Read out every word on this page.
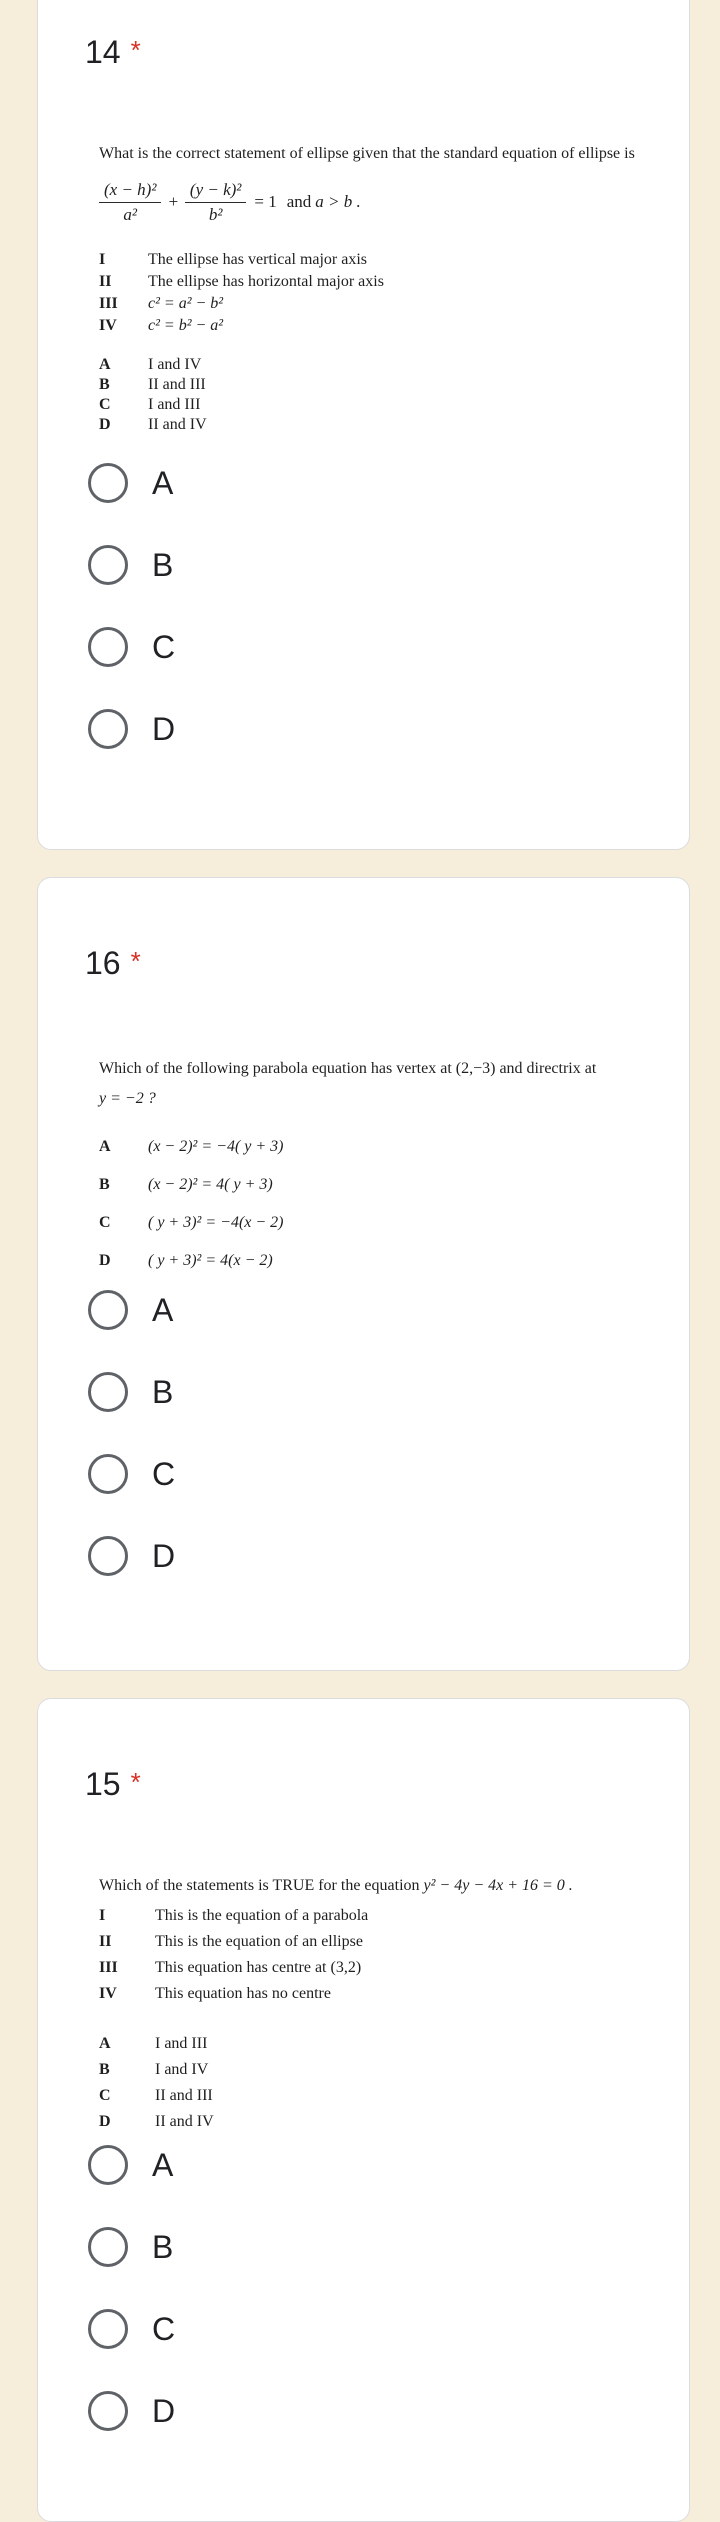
14 *
What is the correct statement of ellipse given that the standard equation of ellipse is
$\frac{\text{(x − h)²}}{\text{a²}} + \frac{\text{(y − k)²}}{\text{b²}} = 1$ and a > b .
I	The ellipse has vertical major axis
II	The ellipse has horizontal major axis
III	c² = a² − b²
IV	c² = b² − a²
A	I and IV
B	II and III
C	I and III
D	II and IV
A
B
C
D
16 *
Which of the following parabola equation has vertex at (2,−3) and directrix at
y = −2 ?
A	(x − 2)² = −4( y + 3)
B	(x − 2)² = 4( y + 3)
C	( y + 3)² = −4(x − 2)
D	( y + 3)² = 4(x − 2)
A
B
C
D
15 *
Which of the statements is TRUE for the equation y² − 4y − 4x + 16 = 0 .
I	This is the equation of a parabola
II	This is the equation of an ellipse
III	This equation has centre at (3,2)
IV	This equation has no centre
A	I and III
B	I and IV
C	II and III
D	II and IV
A
B
C
D
